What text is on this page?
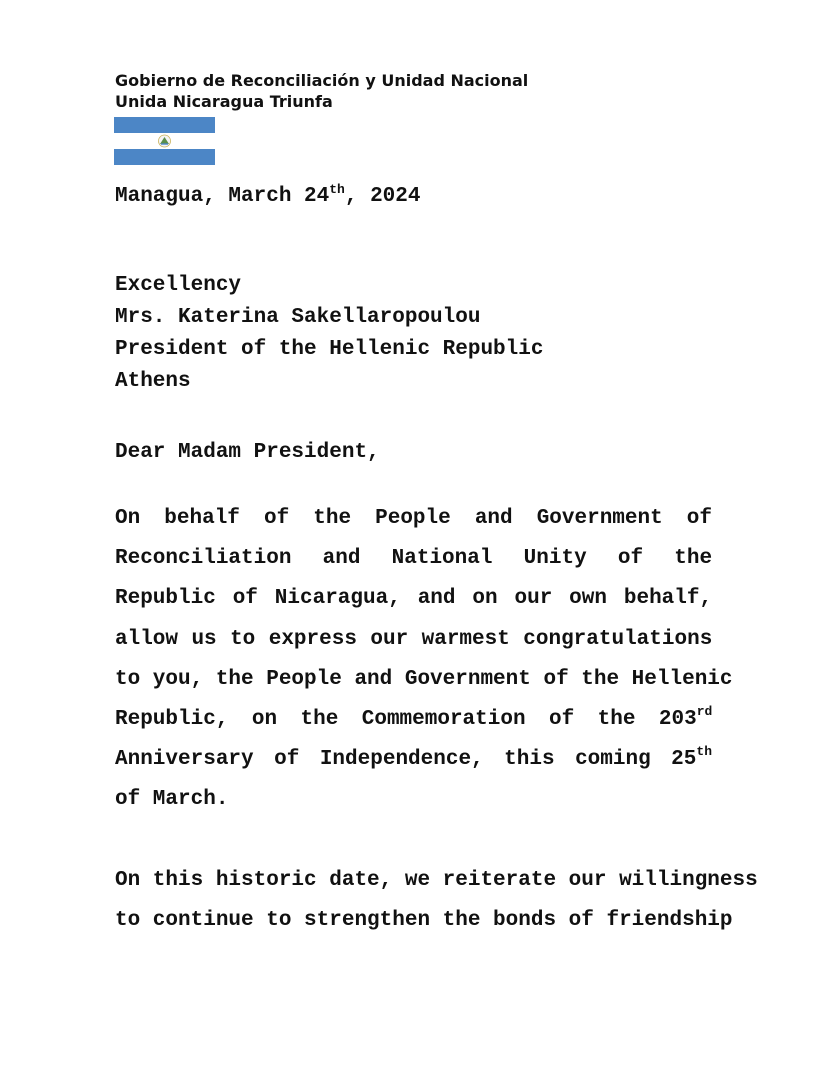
Gobierno de Reconciliación y Unidad Nacional
Unida Nicaragua Triunfa
Managua, March 24th, 2024
Excellency
Mrs. Katerina Sakellaropoulou
President of the Hellenic Republic
Athens
Dear Madam President,
On behalf of the People and Government of
Reconciliation and National Unity of the
Republic of Nicaragua, and on our own behalf,
allow us to express our warmest congratulations
to you, the People and Government of the Hellenic
Republic, on the Commemoration of the 203rd
Anniversary of Independence, this coming 25th
of March.
On this historic date, we reiterate our willingness
to continue to strengthen the bonds of friendship
